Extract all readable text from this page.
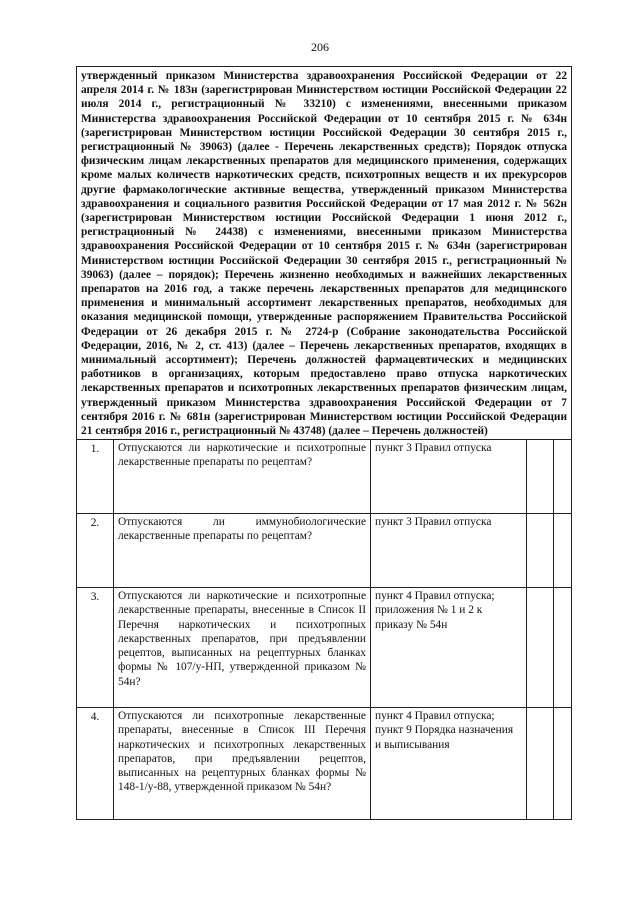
206
утвержденный приказом Министерства здравоохранения Российской Федерации от 22 апреля 2014 г. № 183н (зарегистрирован Министерством юстиции Российской Федерации 22 июля 2014 г., регистрационный № 33210) с изменениями, внесенными приказом Министерства здравоохранения Российской Федерации от 10 сентября 2015 г. № 634н (зарегистрирован Министерством юстиции Российской Федерации 30 сентября 2015 г., регистрационный № 39063) (далее - Перечень лекарственных средств); Порядок отпуска физическим лицам лекарственных препаратов для медицинского применения, содержащих кроме малых количеств наркотических средств, психотропных веществ и их прекурсоров другие фармакологические активные вещества, утвержденный приказом Министерства здравоохранения и социального развития Российской Федерации от 17 мая 2012 г. № 562н (зарегистрирован Министерством юстиции Российской Федерации 1 июня 2012 г., регистрационный № 24438) с изменениями, внесенными приказом Министерства здравоохранения Российской Федерации от 10 сентября 2015 г. № 634н (зарегистрирован Министерством юстиции Российской Федерации 30 сентября 2015 г., регистрационный № 39063) (далее – порядок); Перечень жизненно необходимых и важнейших лекарственных препаратов на 2016 год, а также перечень лекарственных препаратов для медицинского применения и минимальный ассортимент лекарственных препаратов, необходимых для оказания медицинской помощи, утвержденные распоряжением Правительства Российской Федерации от 26 декабря 2015 г. № 2724-р (Собрание законодательства Российской Федерации, 2016, № 2, ст. 413) (далее – Перечень лекарственных препаратов, входящих в минимальный ассортимент); Перечень должностей фармацевтических и медицинских работников в организациях, которым предоставлено право отпуска наркотических лекарственных препаратов и психотропных лекарственных препаратов физическим лицам, утвержденный приказом Министерства здравоохранения Российской Федерации от 7 сентября 2016 г. № 681н (зарегистрирован Министерством юстиции Российской Федерации 21 сентября 2016 г., регистрационный № 43748) (далее – Перечень должностей)				
1.	Отпускаются ли наркотические и психотропные лекарственные препараты по рецептам?	пункт 3 Правил отпуска		
2.	Отпускаются ли иммунобиологические лекарственные препараты по рецептам?	пункт 3 Правил отпуска		
3.	Отпускаются ли наркотические и психотропные лекарственные препараты, внесенные в Список II Перечня наркотических и психотропных лекарственных препаратов, при предъявлении рецептов, выписанных на рецептурных бланках формы № 107/у-НП, утвержденной приказом № 54н?	пункт 4 Правил отпуска; приложения № 1 и 2 к приказу № 54н		
4.	Отпускаются ли психотропные лекарственные препараты, внесенные в Список III Перечня наркотических и психотропных лекарственных препаратов, при предъявлении рецептов, выписанных на рецептурных бланках формы № 148-1/у-88, утвержденной приказом № 54н?	пункт 4 Правил отпуска; пункт 9 Порядка назначения и выписывания		
